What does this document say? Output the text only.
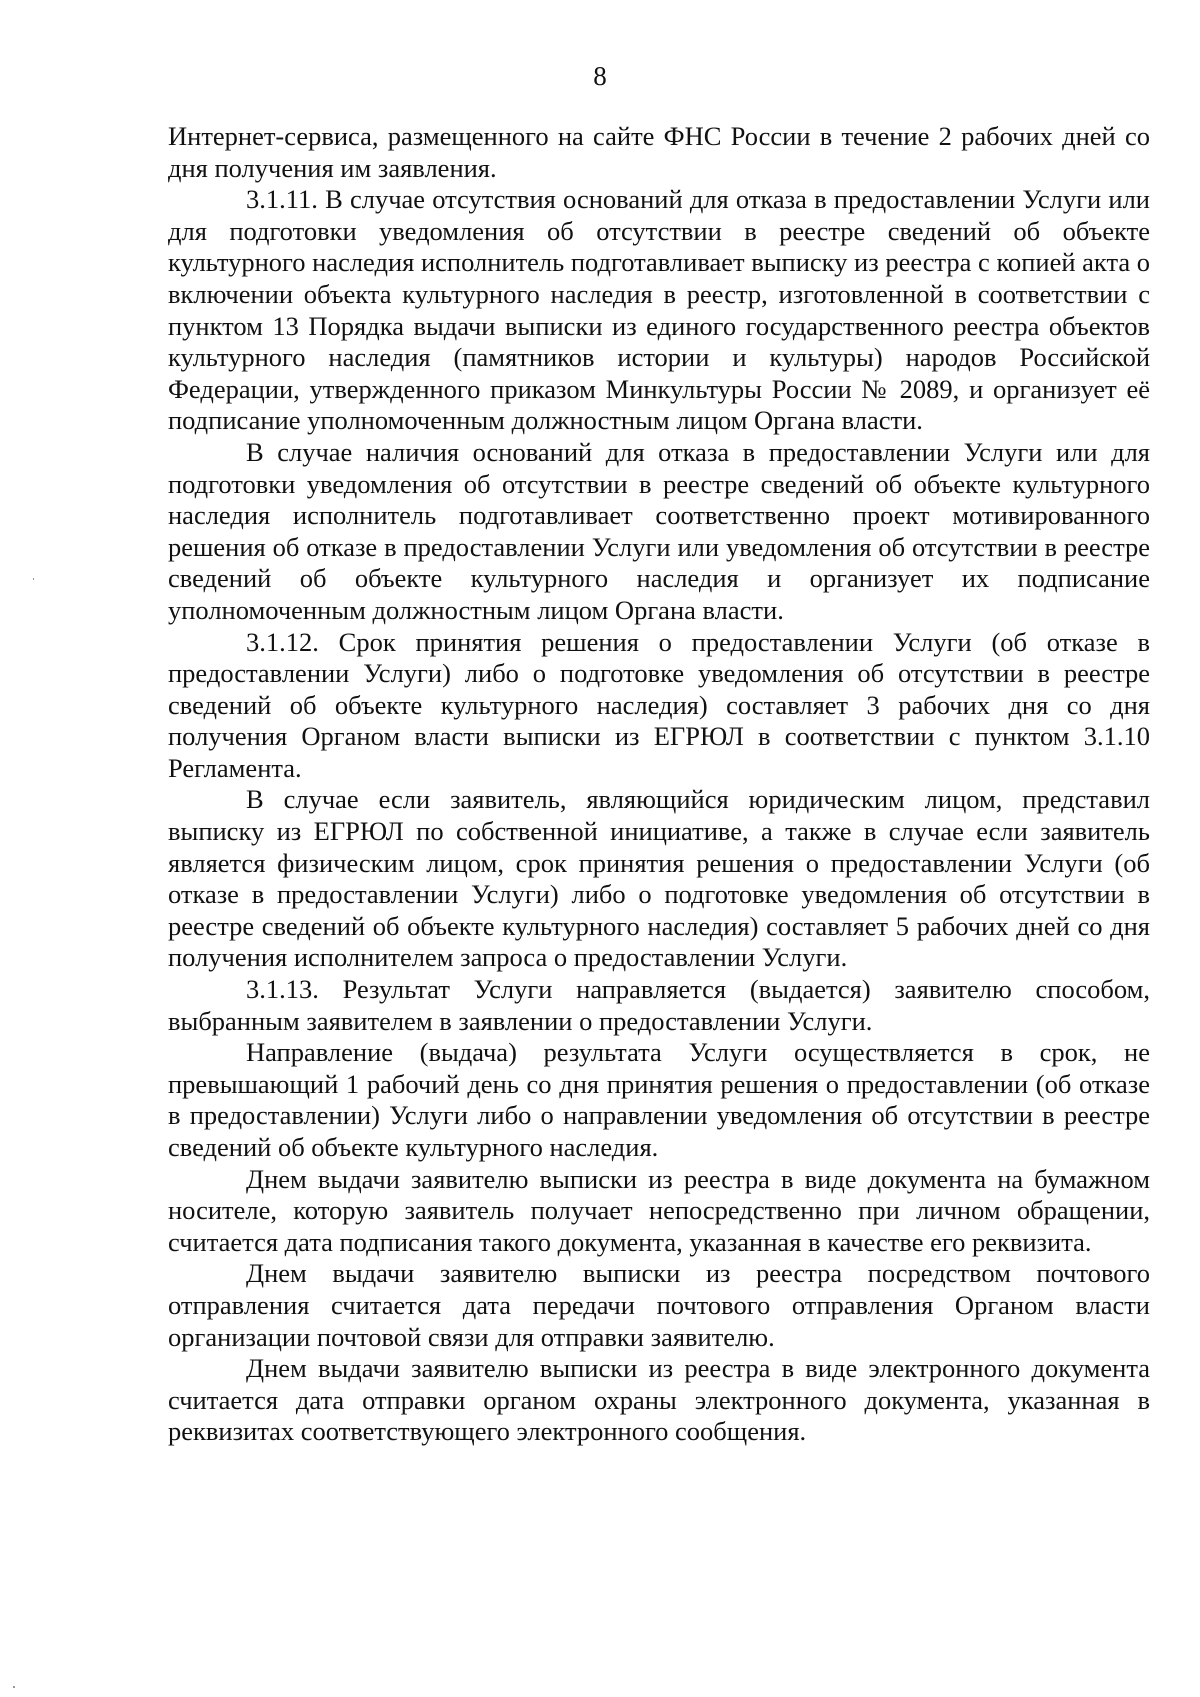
8

Интернет-сервиса, размещенного на сайте ФНС России в течение 2 рабочих дней со дня получения им заявления.

3.1.11. В случае отсутствия оснований для отказа в предоставлении Услуги или для подготовки уведомления об отсутствии в реестре сведений об объекте культурного наследия исполнитель подготавливает выписку из реестра с копией акта о включении объекта культурного наследия в реестр, изготовленной в соответствии с пунктом 13 Порядка выдачи выписки из единого государственного реестра объектов культурного наследия (памятников истории и культуры) народов Российской Федерации, утвержденного приказом Минкультуры России № 2089, и организует её подписание уполномоченным должностным лицом Органа власти.

В случае наличия оснований для отказа в предоставлении Услуги или для подготовки уведомления об отсутствии в реестре сведений об объекте культурного наследия исполнитель подготавливает соответственно проект мотивированного решения об отказе в предоставлении Услуги или уведомления об отсутствии в реестре сведений об объекте культурного наследия и организует их подписание уполномоченным должностным лицом Органа власти.

3.1.12. Срок принятия решения о предоставлении Услуги (об отказе в предоставлении Услуги) либо о подготовке уведомления об отсутствии в реестре сведений об объекте культурного наследия) составляет 3 рабочих дня со дня получения Органом власти выписки из ЕГРЮЛ в соответствии с пунктом 3.1.10 Регламента.

В случае если заявитель, являющийся юридическим лицом, представил выписку из ЕГРЮЛ по собственной инициативе, а также в случае если заявитель является физическим лицом, срок принятия решения о предоставлении Услуги (об отказе в предоставлении Услуги) либо о подготовке уведомления об отсутствии в реестре сведений об объекте культурного наследия) составляет 5 рабочих дней со дня получения исполнителем запроса о предоставлении Услуги.

3.1.13. Результат Услуги направляется (выдается) заявителю способом, выбранным заявителем в заявлении о предоставлении Услуги.

Направление (выдача) результата Услуги осуществляется в срок, не превышающий 1 рабочий день со дня принятия решения о предоставлении (об отказе в предоставлении) Услуги либо о направлении уведомления об отсутствии в реестре сведений об объекте культурного наследия.

Днем выдачи заявителю выписки из реестра в виде документа на бумажном носителе, которую заявитель получает непосредственно при личном обращении, считается дата подписания такого документа, указанная в качестве его реквизита.

Днем выдачи заявителю выписки из реестра посредством почтового отправления считается дата передачи почтового отправления Органом власти организации почтовой связи для отправки заявителю.

Днем выдачи заявителю выписки из реестра в виде электронного документа считается дата отправки органом охраны электронного документа, указанная в реквизитах соответствующего электронного сообщения.
